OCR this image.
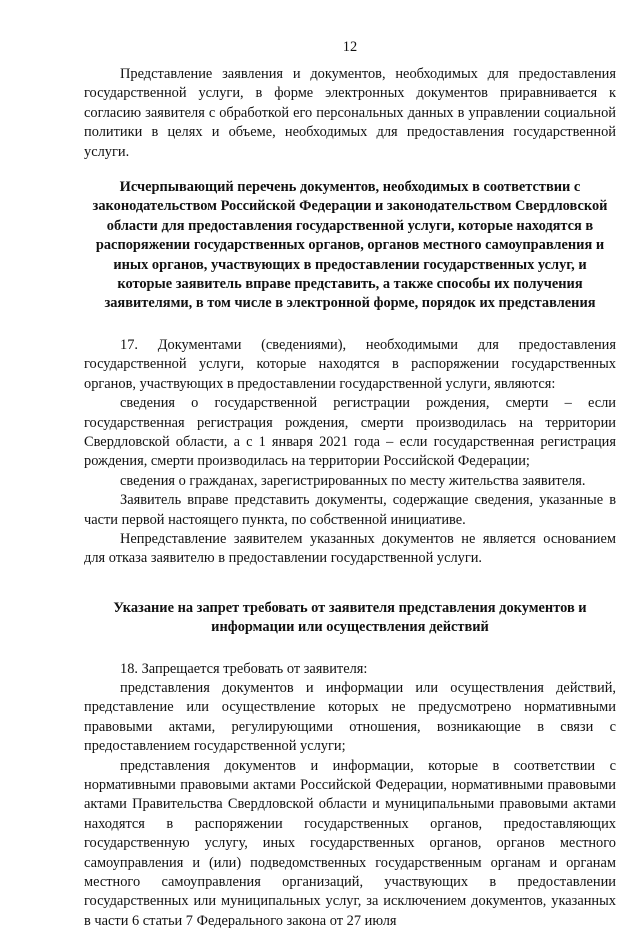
12

Представление заявления и документов, необходимых для предоставления государственной услуги, в форме электронных документов приравнивается к согласию заявителя с обработкой его персональных данных в управлении социальной политики в целях и объеме, необходимых для предоставления государственной услуги.

Исчерпывающий перечень документов, необходимых в соответствии с законодательством Российской Федерации и законодательством Свердловской области для предоставления государственной услуги, которые находятся в распоряжении государственных органов, органов местного самоуправления и иных органов, участвующих в предоставлении государственных услуг, и которые заявитель вправе представить, а также способы их получения заявителями, в том числе в электронной форме, порядок их представления

17. Документами (сведениями), необходимыми для предоставления государственной услуги, которые находятся в распоряжении государственных органов, участвующих в предоставлении государственной услуги, являются:

сведения о государственной регистрации рождения, смерти – если государственная регистрация рождения, смерти производилась на территории Свердловской области, а с 1 января 2021 года – если государственная регистрация рождения, смерти производилась на территории Российской Федерации;

сведения о гражданах, зарегистрированных по месту жительства заявителя.

Заявитель вправе представить документы, содержащие сведения, указанные в части первой настоящего пункта, по собственной инициативе.

Непредставление заявителем указанных документов не является основанием для отказа заявителю в предоставлении государственной услуги.

Указание на запрет требовать от заявителя представления документов и информации или осуществления действий

18. Запрещается требовать от заявителя:

представления документов и информации или осуществления действий, представление или осуществление которых не предусмотрено нормативными правовыми актами, регулирующими отношения, возникающие в связи с предоставлением государственной услуги;

представления документов и информации, которые в соответствии с нормативными правовыми актами Российской Федерации, нормативными правовыми актами Правительства Свердловской области и муниципальными правовыми актами находятся в распоряжении государственных органов, предоставляющих государственную услугу, иных государственных органов, органов местного самоуправления и (или) подведомственных государственным органам и органам местного самоуправления организаций, участвующих в предоставлении государственных или муниципальных услуг, за исключением документов, указанных в части 6 статьи 7 Федерального закона от 27 июля
